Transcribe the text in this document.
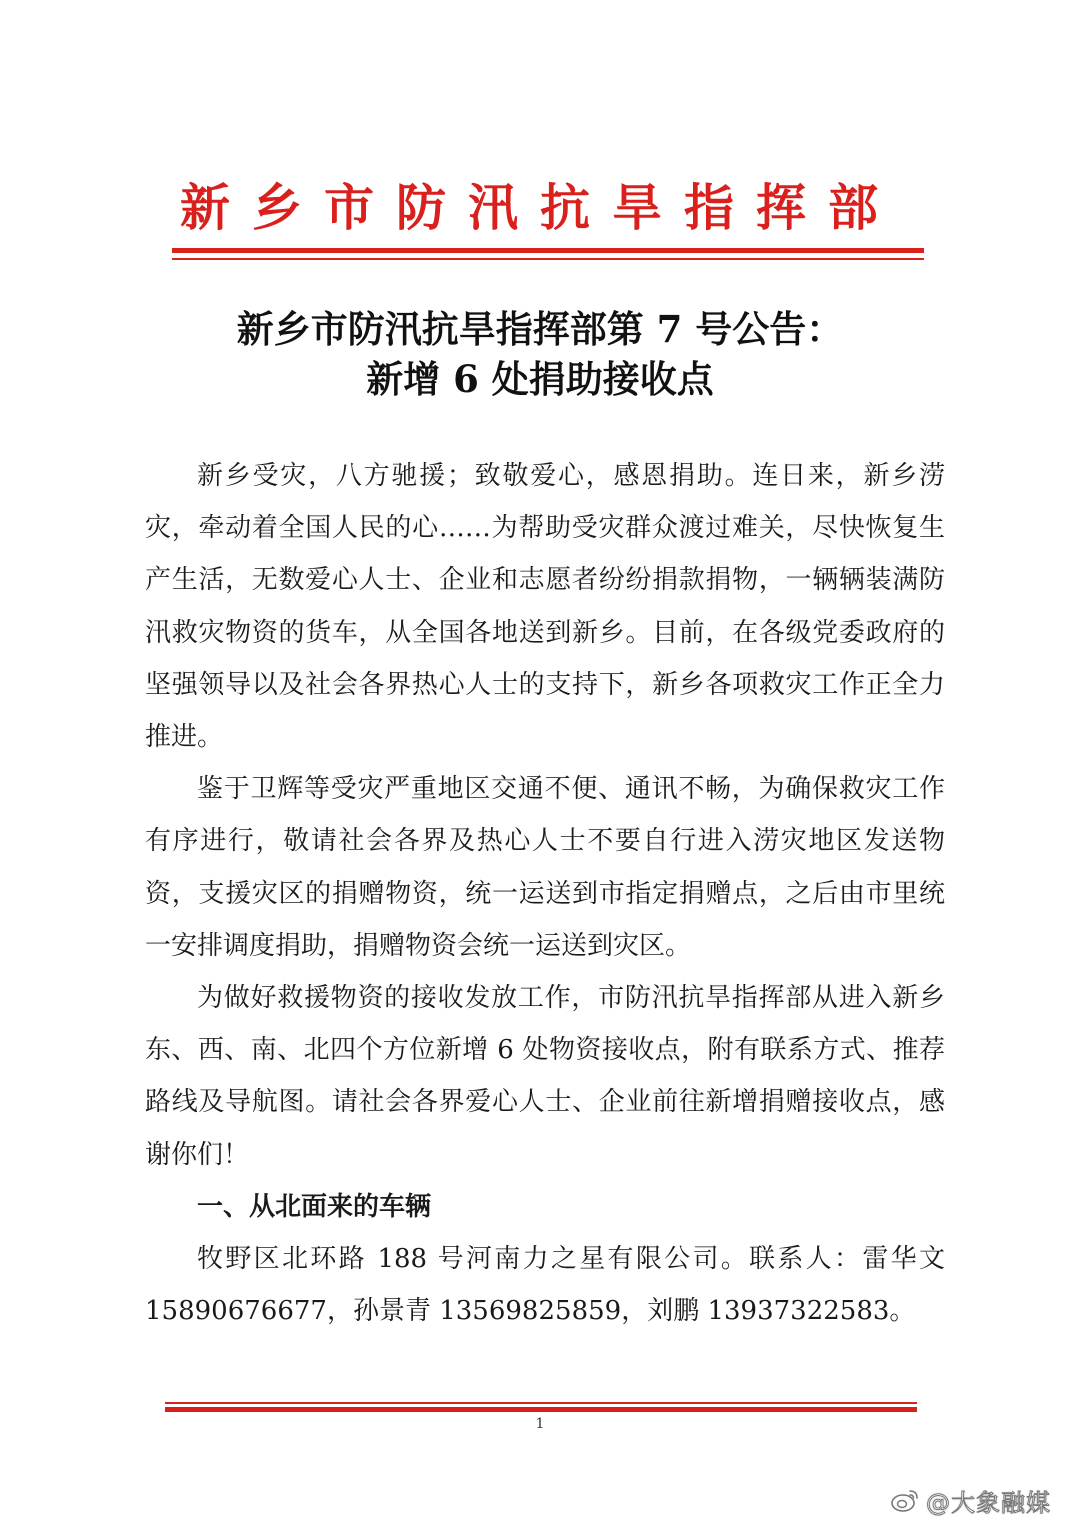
新乡市防汛抗旱指挥部
新乡市防汛抗旱指挥部第 7 号公告：
新增 6 处捐助接收点

新乡受灾，八方驰援；致敬爱心，感恩捐助。连日来，新乡涝灾，牵动着全国人民的心……为帮助受灾群众渡过难关，尽快恢复生产生活，无数爱心人士、企业和志愿者纷纷捐款捐物，一辆辆装满防汛救灾物资的货车，从全国各地送到新乡。目前，在各级党委政府的坚强领导以及社会各界热心人士的支持下，新乡各项救灾工作正全力推进。

鉴于卫辉等受灾严重地区交通不便、通讯不畅，为确保救灾工作有序进行，敬请社会各界及热心人士不要自行进入涝灾地区发送物资，支援灾区的捐赠物资，统一运送到市指定捐赠点，之后由市里统一安排调度捐助，捐赠物资会统一运送到灾区。

为做好救援物资的接收发放工作，市防汛抗旱指挥部从进入新乡东、西、南、北四个方位新增 6 处物资接收点，附有联系方式、推荐路线及导航图。请社会各界爱心人士、企业前往新增捐赠接收点，感谢你们！

一、从北面来的车辆

牧野区北环路 188 号河南力之星有限公司。联系人：雷华文 15890676677，孙景青 13569825859，刘鹏 13937322583。

1
@大象融媒
